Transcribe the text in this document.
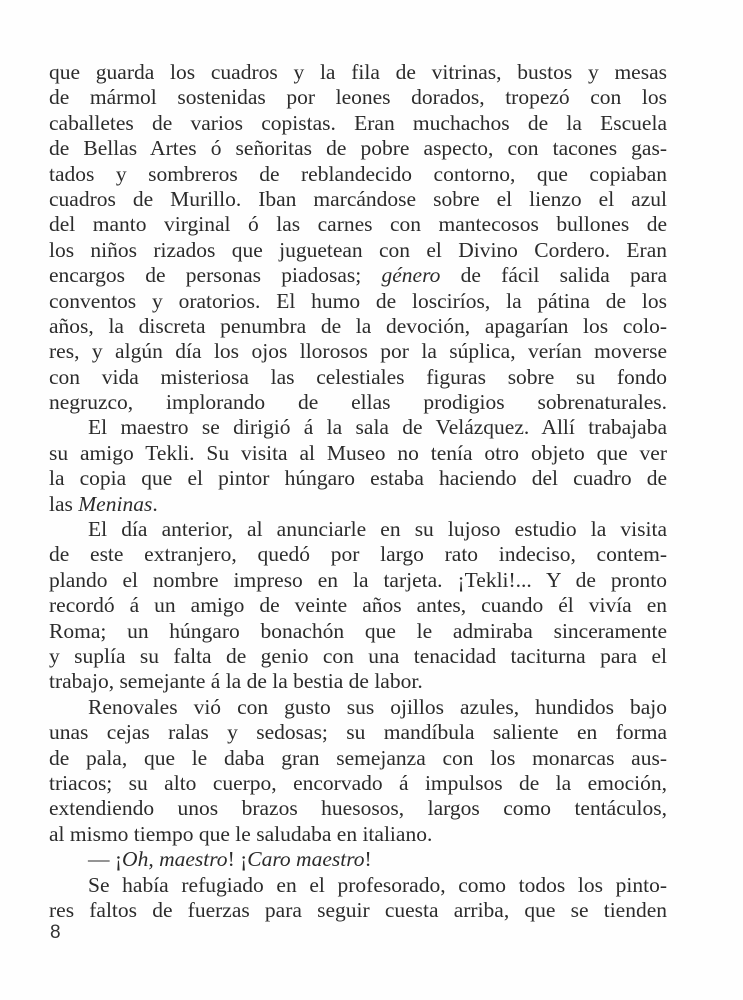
que guarda los cuadros y la fila de vitrinas, bustos y mesas
de mármol sostenidas por leones dorados, tropezó con los
caballetes de varios copistas. Eran muchachos de la Escuela
de Bellas Artes ó señoritas de pobre aspecto, con tacones gas-
tados y sombreros de reblandecido contorno, que copiaban
cuadros de Murillo. Iban marcándose sobre el lienzo el azul
del manto virginal ó las carnes con mantecosos bullones de
los niños rizados que juguetean con el Divino Cordero. Eran
encargos de personas piadosas; género de fácil salida para
conventos y oratorios. El humo de losciríos, la pátina de los
años, la discreta penumbra de la devoción, apagarían los colo-
res, y algún día los ojos llorosos por la súplica, verían moverse
con vida misteriosa las celestiales figuras sobre su fondo
negruzco, implorando de ellas prodigios sobrenaturales.
El maestro se dirigió á la sala de Velázquez. Allí trabajaba
su amigo Tekli. Su visita al Museo no tenía otro objeto que ver
la copia que el pintor húngaro estaba haciendo del cuadro de
las Meninas.
El día anterior, al anunciarle en su lujoso estudio la visita
de este extranjero, quedó por largo rato indeciso, contem-
plando el nombre impreso en la tarjeta. ¡Tekli!... Y de pronto
recordó á un amigo de veinte años antes, cuando él vivía en
Roma; un húngaro bonachón que le admiraba sinceramente
y suplía su falta de genio con una tenacidad taciturna para el
trabajo, semejante á la de la bestia de labor.
Renovales vió con gusto sus ojillos azules, hundidos bajo
unas cejas ralas y sedosas; su mandíbula saliente en forma
de pala, que le daba gran semejanza con los monarcas aus-
triacos; su alto cuerpo, encorvado á impulsos de la emoción,
extendiendo unos brazos huesosos, largos como tentáculos,
al mismo tiempo que le saludaba en italiano.
— ¡Oh, maestro! ¡Caro maestro!
Se había refugiado en el profesorado, como todos los pinto-
res faltos de fuerzas para seguir cuesta arriba, que se tienden
8
